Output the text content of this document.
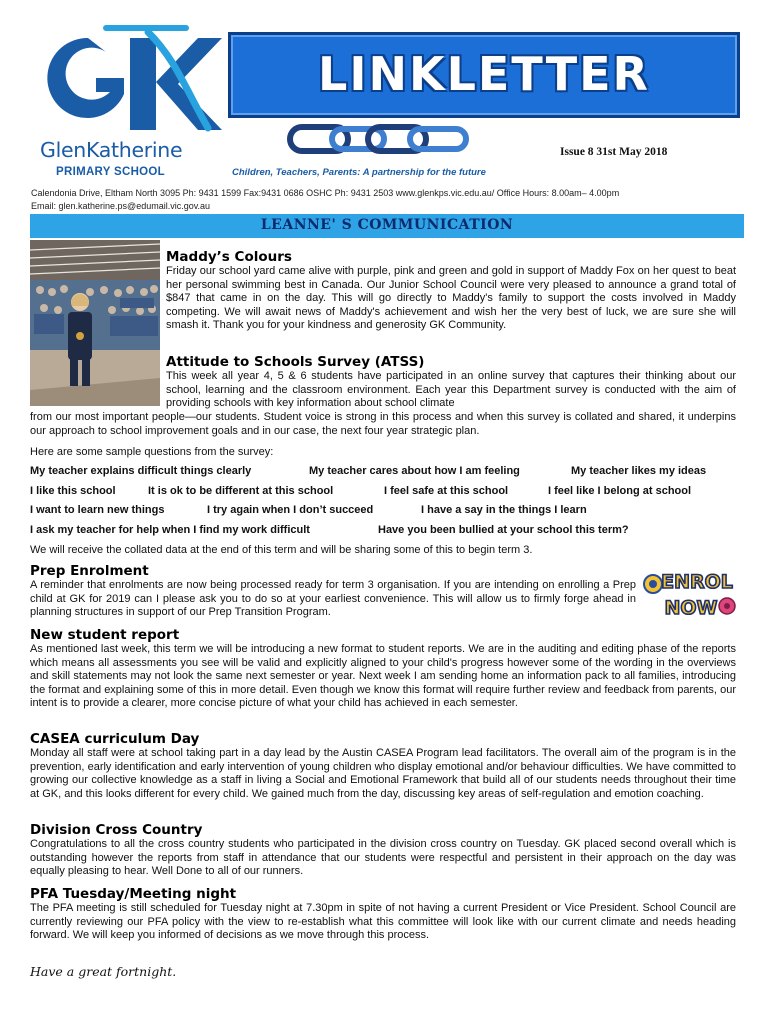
GlenKatherine
PRIMARY SCHOOL
LINKLETTER
Issue 8 31st May 2018
Children, Teachers, Parents: A partnership for the future
Calendonia Drive, Eltham North 3095 Ph: 9431 1599 Fax:9431 0686 OSHC Ph: 9431 2503 www.glenkps.vic.edu.au/ Office Hours: 8.00am– 4.00pm
Email: glen.katherine.ps@edumail.vic.gov.au
LEANNE' S COMMUNICATION
Maddy’s Colours
Friday our school yard came alive with purple, pink and green and gold in support of Maddy Fox on her quest to beat her personal swimming best in Canada. Our Junior School Council were very pleased to announce a grand total of $847 that came in on the day. This will go directly to Maddy's family to support the costs involved in Maddy competing. We will await news of Maddy's achievement and wish her the very best of luck, we are sure she will smash it. Thank you for your kindness and generosity GK Community.
Attitude to Schools Survey (ATSS)
This week all year 4, 5 & 6 students have participated in an online survey that captures their thinking about our school, learning and the classroom environment. Each year this Department survey is conducted with the aim of providing schools with key information about school climate
from our most important people—our students. Student voice is strong in this process and when this survey is collated and shared, it underpins our approach to school improvement goals and in our case, the next four year strategic plan.
Here are some sample questions from the survey:
My teacher explains difficult things clearly	My teacher cares about how I am feeling	My teacher likes my ideas
I like this school	It is ok to be different at this school	I feel safe at this school	I feel like I belong at school
I want to learn new things	I try again when I don’t succeed	I have a say in the things I learn
I ask my teacher for help when I find my work difficult	Have you been bullied at your school this term?
We will receive the collated data at the end of this term and will be sharing some of this to begin term 3.
Prep Enrolment
A reminder that enrolments are now being processed ready for term 3 organisation. If you are intending on enrolling a Prep child at GK for 2019 can I please ask you to do so at your earliest convenience. This will allow us to firmly forge ahead in planning structures in support of our Prep Transition Program.
ENROL
NOW
New student report
As mentioned last week, this term we will be introducing a new format to student reports. We are in the auditing and editing phase of the reports which means all assessments you see will be valid and explicitly aligned to your child's progress however some of the wording in the overviews and skill statements may not look the same next semester or year. Next week I am sending home an information pack to all families, introducing the format and explaining some of this in more detail. Even though we know this format will require further review and feedback from parents, our intent is to provide a clearer, more concise picture of what your child has achieved in each semester.
CASEA curriculum Day
Monday all staff were at school taking part in a day lead by the Austin CASEA Program lead facilitators. The overall aim of the program is in the prevention, early identification and early intervention of young children who display emotional and/or behaviour difficulties. We have committed to growing our collective knowledge as a staff in living a Social and Emotional Framework that build all of our students needs throughout their time at GK, and this looks different for every child. We gained much from the day, discussing key areas of self-regulation and emotion coaching.
Division Cross Country
Congratulations to all the cross country students who participated in the division cross country on Tuesday. GK placed second overall which is outstanding however the reports from staff in attendance that our students were respectful and persistent in their approach on the day was equally pleasing to hear. Well Done to all of our runners.
PFA Tuesday/Meeting night
The PFA meeting is still scheduled for Tuesday night at 7.30pm in spite of not having a current President or Vice President. School Council are currently reviewing our PFA policy with the view to re-establish what this committee will look like with our current climate and needs heading forward. We will keep you informed of decisions as we move through this process.
Have a great fortnight.
